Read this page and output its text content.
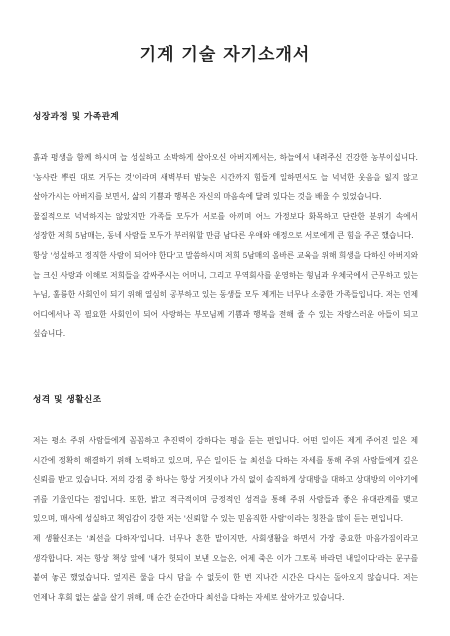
기계 기술 자기소개서
성장과정 및 가족관계

흙과 평생을 함께 하시며 늘 성실하고 소박하게 살아오신 아버지께서는, 하늘에서 내려주신 건강한 농부이십니다. '농사란 뿌린 대로 거두는 것'이라며 새벽부터 밤늦은 시간까지 힘들게 일하면서도 늘 넉넉한 웃음을 잃지 않고 살아가시는 아버지를 보면서, 삶의 기쁨과 행복은 자신의 마음속에 달려 있다는 것을 배울 수 있었습니다.

물질적으로 넉넉하지는 않았지만 가족들 모두가 서로를 아끼며 어느 가정보다 화목하고 단란한 분위기 속에서 성장한 저희 5남매는, 동네 사람들 모두가 부러워할 만큼 남다른 우애와 애정으로 서로에게 큰 힘을 주곤 했습니다.

항상 '성실하고 정직한 사람이 되어야 한다'고 말씀하시며 저희 5남매의 올바른 교육을 위해 희생을 다하신 아버지와 늘 크신 사랑과 이해로 저희들을 감싸주시는 어머니, 그리고 무역회사를 운영하는 형님과 우체국에서 근무하고 있는 누님, 훌륭한 사회인이 되기 위해 열심히 공부하고 있는 동생들 모두 제게는 너무나 소중한 가족들입니다. 저는 언제 어디에서나 꼭 필요한 사회인이 되어 사랑하는 부모님께 기쁨과 행복을 전해 줄 수 있는 자랑스러운 아들이 되고 싶습니다.

성격 및 생활신조

저는 평소 주위 사람들에게 꼼꼼하고 추진력이 강하다는 평을 듣는 편입니다. 어떤 일이든 제게 주어진 일은 제 시간에 정확히 해결하기 위해 노력하고 있으며, 무슨 일이든 늘 최선을 다하는 자세를 통해 주위 사람들에게 깊은 신뢰를 받고 있습니다. 저의 강점 중 하나는 항상 거짓이나 가식 없이 솔직하게 상대방을 대하고 상대방의 이야기에 귀를 기울인다는 점입니다. 또한, 밝고 적극적이며 긍정적인 성격을 통해 주위 사람들과 좋은 유대관계를 맺고 있으며, 매사에 성실하고 책임감이 강한 저는 '신뢰할 수 있는 믿음직한 사람'이라는 칭찬을 많이 듣는 편입니다.

제 생활신조는 '최선을 다하자'입니다. 너무나 흔한 말이지만, 사회생활을 하면서 가장 중요한 마음가짐이라고 생각합니다. 저는 항상 책상 앞에 '내가 헛되이 보낸 오늘은, 어제 죽은 이가 그토록 바라던 내일이다'라는 문구를 붙여 놓곤 했었습니다. 엎지른 물을 다시 담을 수 없듯이 한 번 지나간 시간은 다시는 돌아오지 않습니다. 저는 언제나 후회 없는 삶을 살기 위해, 매 순간 순간마다 최선을 다하는 자세로 살아가고 있습니다.
